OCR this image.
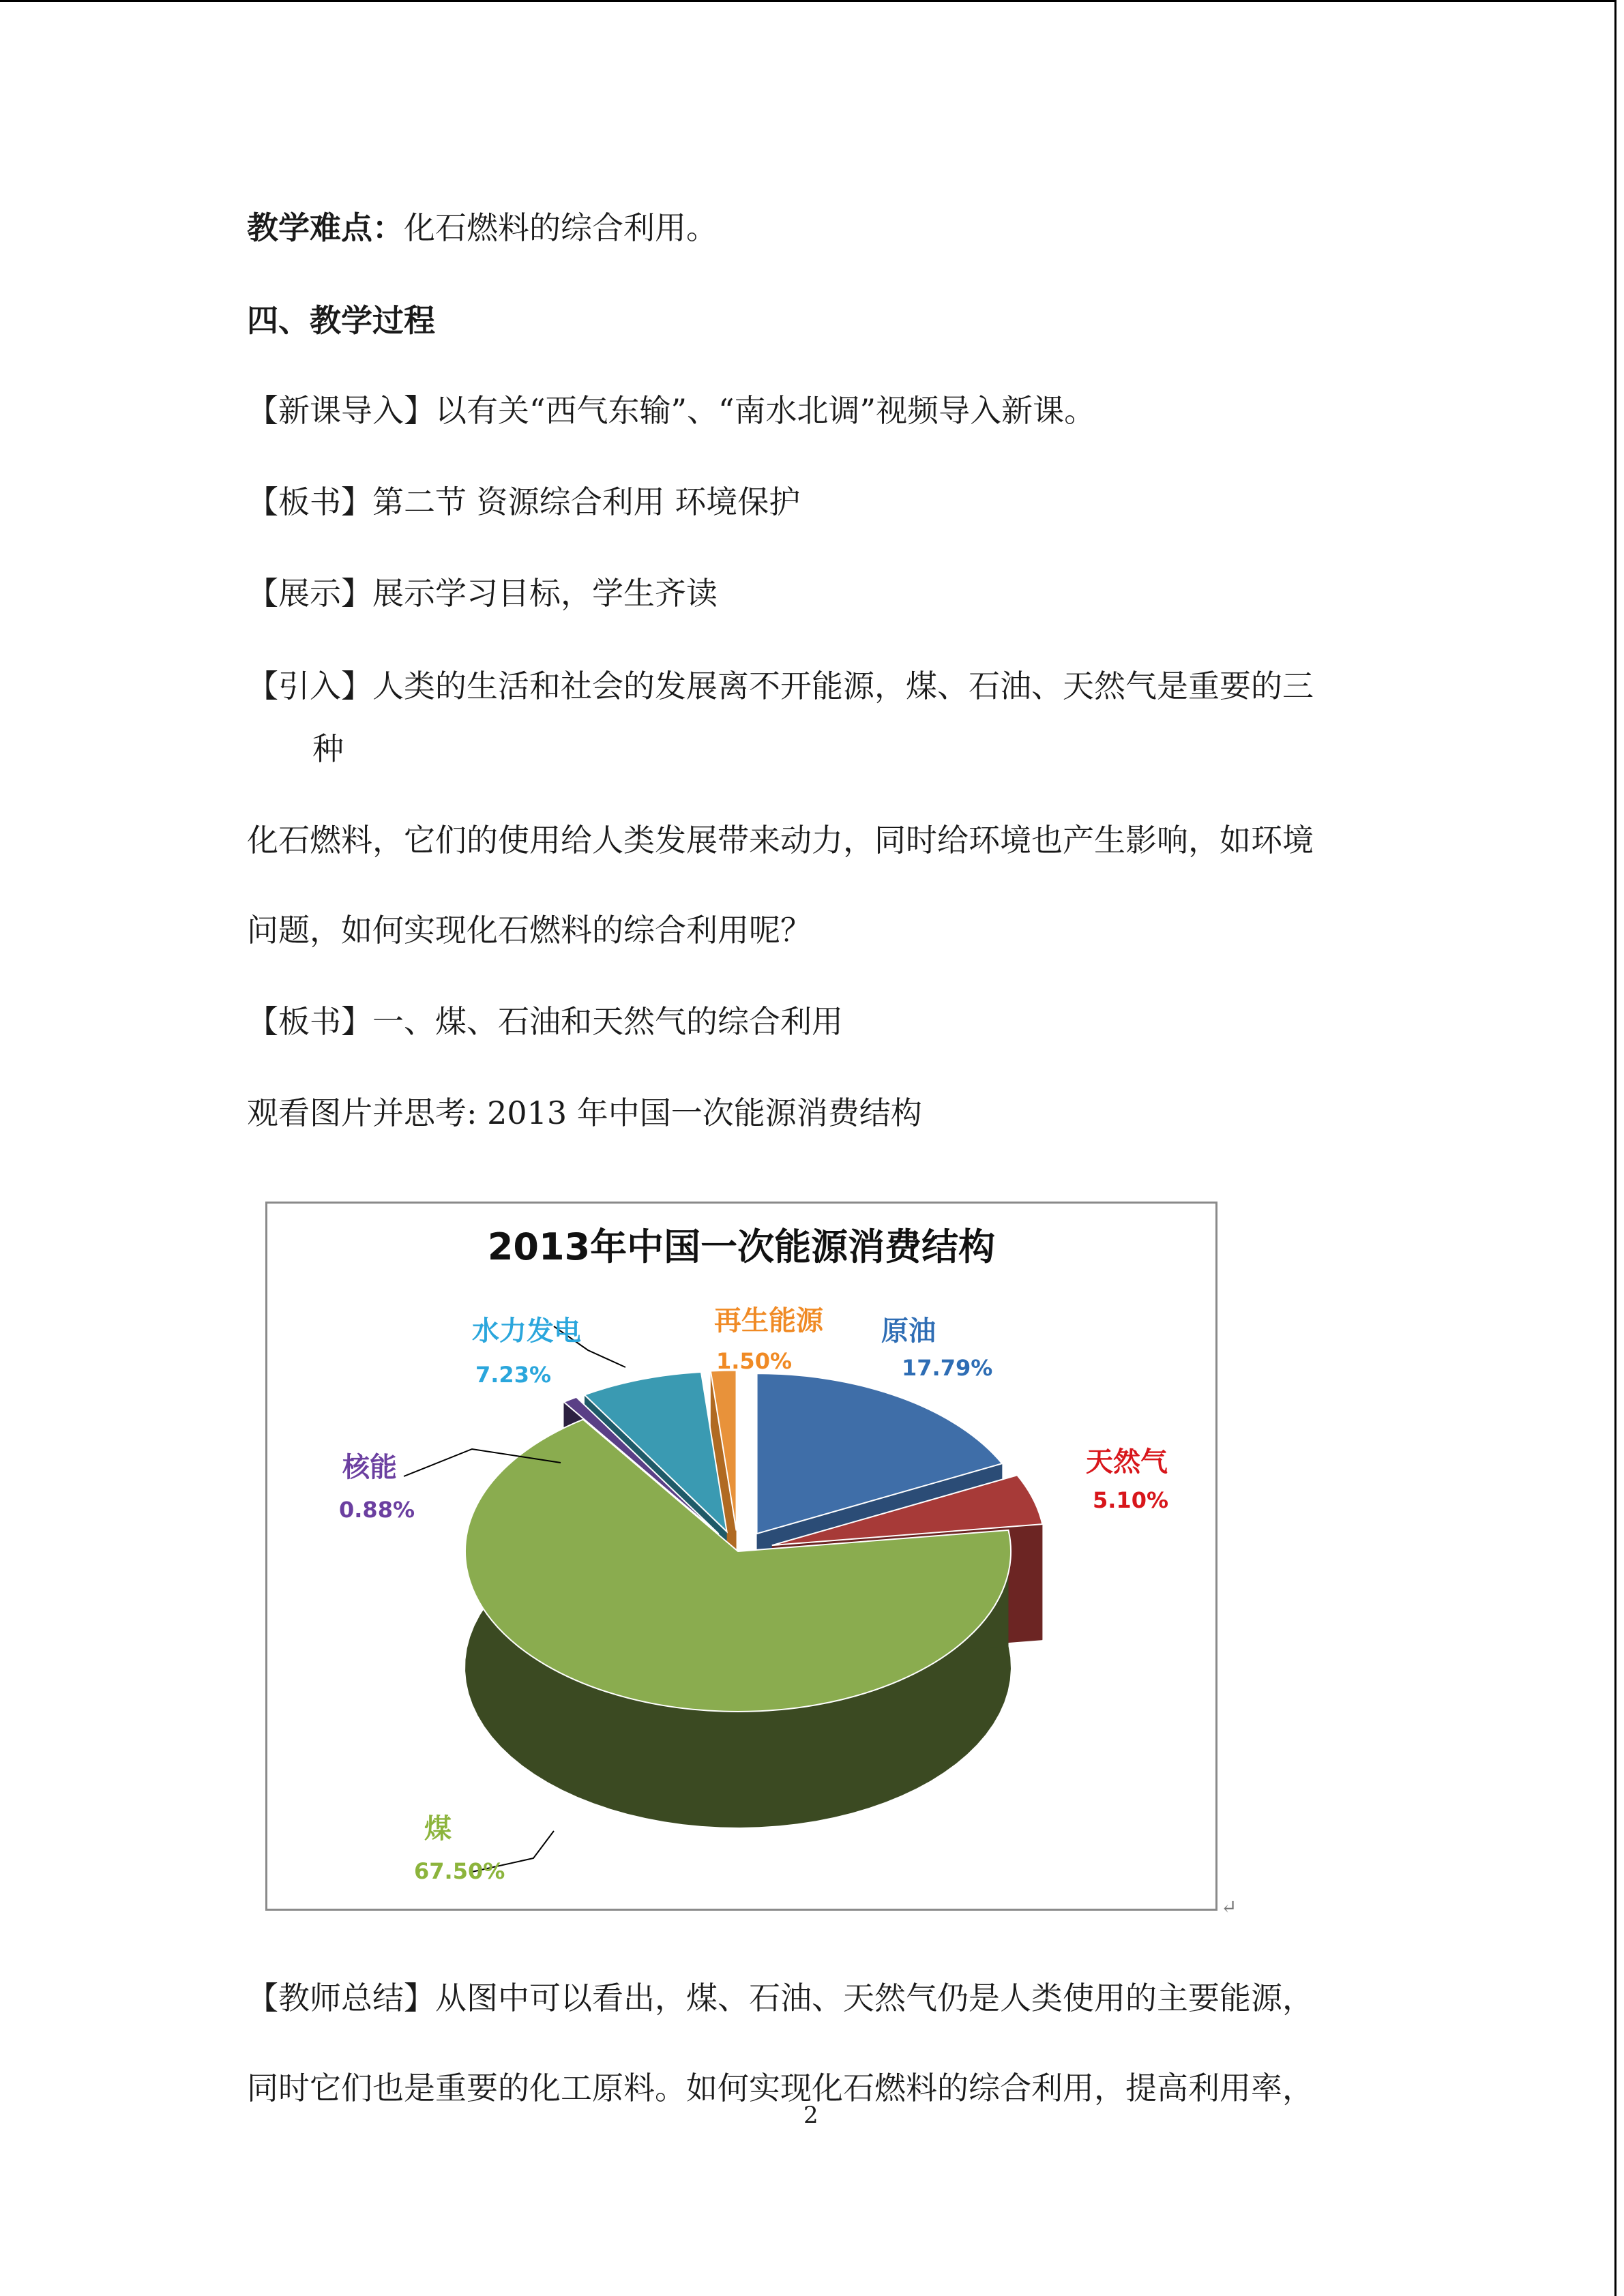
教学难点：化石燃料的综合利用。
四、教学过程
【新课导入】以有关“西气东输”、“南水北调”视频导入新课。
【板书】第二节 资源综合利用 环境保护
【展示】展示学习目标，学生齐读
【引入】人类的生活和社会的发展离不开能源，煤、石油、天然气是重要的三
种
化石燃料，它们的使用给人类发展带来动力，同时给环境也产生影响，如环境
问题，如何实现化石燃料的综合利用呢？
【板书】一、煤、石油和天然气的综合利用
观看图片并思考: 2013 年中国一次能源消费结构
2013年中国一次能源消费结构
原油
17.79%
天然气
5.10%
煤
67.50%
核能
0.88%
水力发电
7.23%
再生能源
1.50%
↵
【教师总结】从图中可以看出，煤、石油、天然气仍是人类使用的主要能源，
同时它们也是重要的化工原料。如何实现化石燃料的综合利用，提高利用率，
2
